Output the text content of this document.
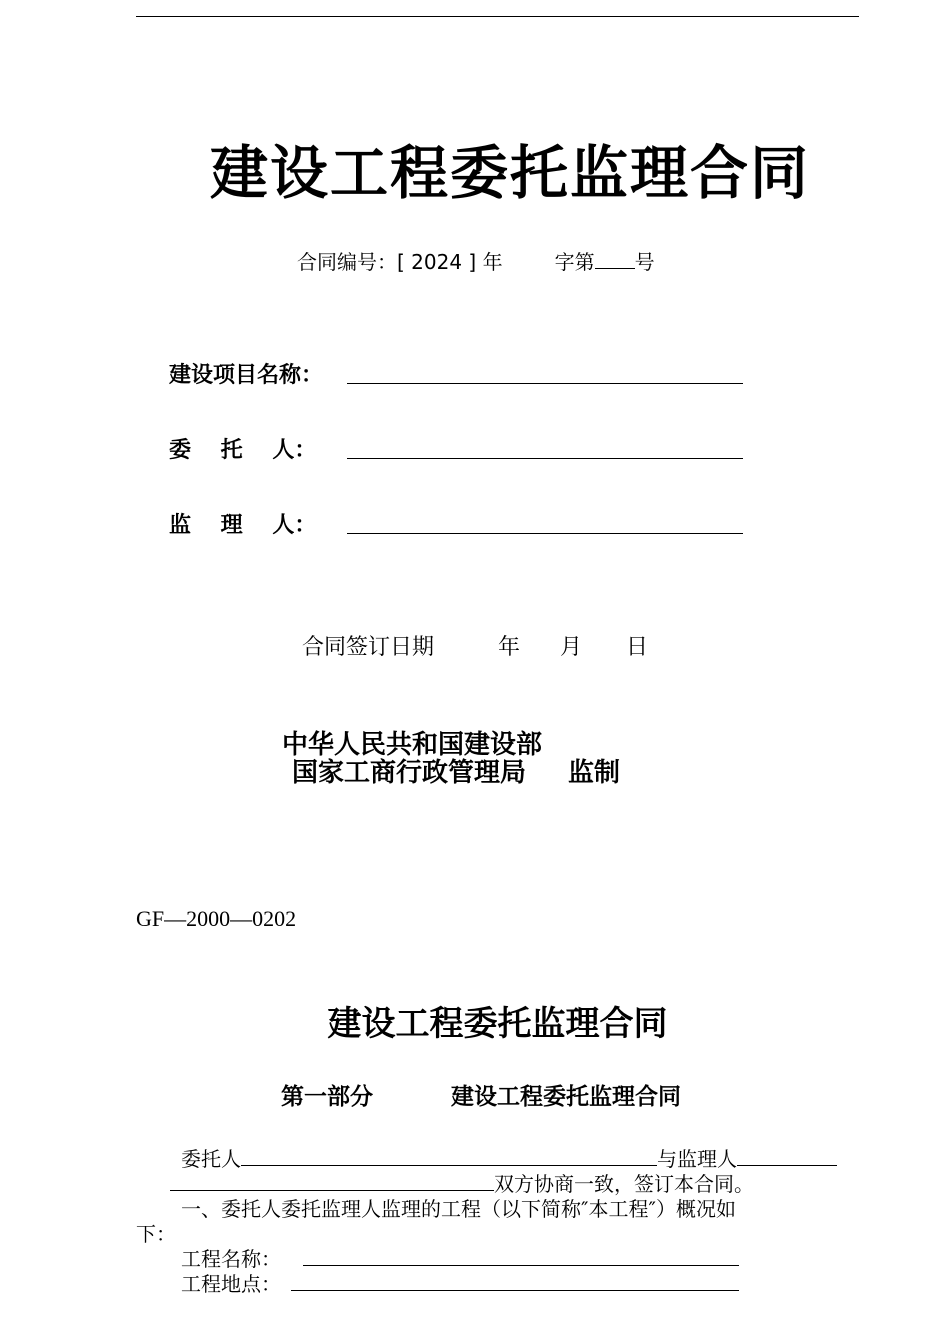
建设工程委托监理合同
合同编号：[ 2024 ] 年	字第 号
建设项目名称：
委　 托　 人：
监　 理　 人：
合同签订日期	年 月 日
中华人民共和国建设部
国家工商行政管理局 监制
GF—2000—0202
建设工程委托监理合同
第一部分	建设工程委托监理合同
委托人	与监理人
双方协商一致，签订本合同。
一、委托人委托监理人监理的工程（以下简称″本工程″）概况如
下：
工程名称：
工程地点：
